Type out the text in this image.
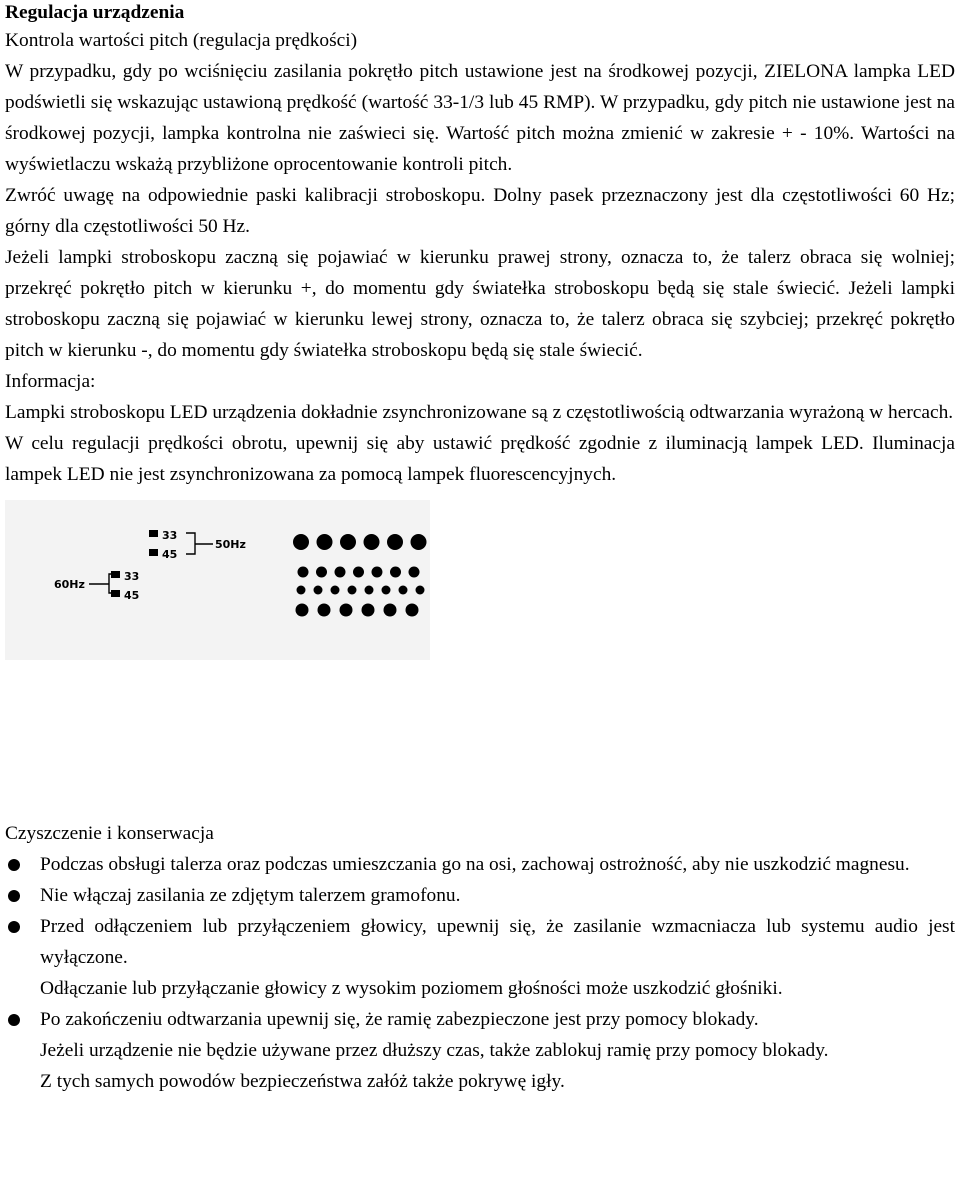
Regulacja urządzenia

Kontrola wartości pitch (regulacja prędkości)

W przypadku, gdy po wciśnięciu zasilania pokrętło pitch ustawione jest na środkowej pozycji, ZIELONA lampka LED podświetli się wskazując ustawioną prędkość (wartość 33-1/3 lub 45 RMP). W przypadku, gdy pitch nie ustawione jest na środkowej pozycji, lampka kontrolna nie zaświeci się. Wartość pitch można zmienić w zakresie + - 10%. Wartości na wyświetlaczu wskażą przybliżone oprocentowanie kontroli pitch.

Zwróć uwagę na odpowiednie paski kalibracji stroboskopu. Dolny pasek przeznaczony jest dla częstotliwości 60 Hz; górny dla częstotliwości 50 Hz.

Jeżeli lampki stroboskopu zaczną się pojawiać w kierunku prawej strony, oznacza to, że talerz obraca się wolniej; przekręć pokrętło pitch w kierunku +, do momentu gdy światełka stroboskopu będą się stale świecić. Jeżeli lampki stroboskopu zaczną się pojawiać w kierunku lewej strony, oznacza to, że talerz obraca się szybciej; przekręć pokrętło pitch w kierunku -, do momentu gdy światełka stroboskopu będą się stale świecić.

Informacja:

Lampki stroboskopu LED urządzenia dokładnie zsynchronizowane są z częstotliwością odtwarzania wyrażoną w hercach.

W celu regulacji prędkości obrotu, upewnij się aby ustawić prędkość zgodnie z iluminacją lampek LED. Iluminacja lampek LED nie jest zsynchronizowana za pomocą lampek fluorescencyjnych.

33
45
50Hz
33
45
60Hz

Czyszczenie i konserwacja

Podczas obsługi talerza oraz podczas umieszczania go na osi, zachowaj ostrożność, aby nie uszkodzić magnesu.

Nie włączaj zasilania ze zdjętym talerzem gramofonu.

Przed odłączeniem lub przyłączeniem głowicy, upewnij się, że zasilanie wzmacniacza lub systemu audio jest wyłączone.

Odłączanie lub przyłączanie głowicy z wysokim poziomem głośności może uszkodzić głośniki.

Po zakończeniu odtwarzania upewnij się, że ramię zabezpieczone jest przy pomocy blokady.

Jeżeli urządzenie nie będzie używane przez dłuższy czas, także zablokuj ramię przy pomocy blokady.

Z tych samych powodów bezpieczeństwa załóż także pokrywę igły.
